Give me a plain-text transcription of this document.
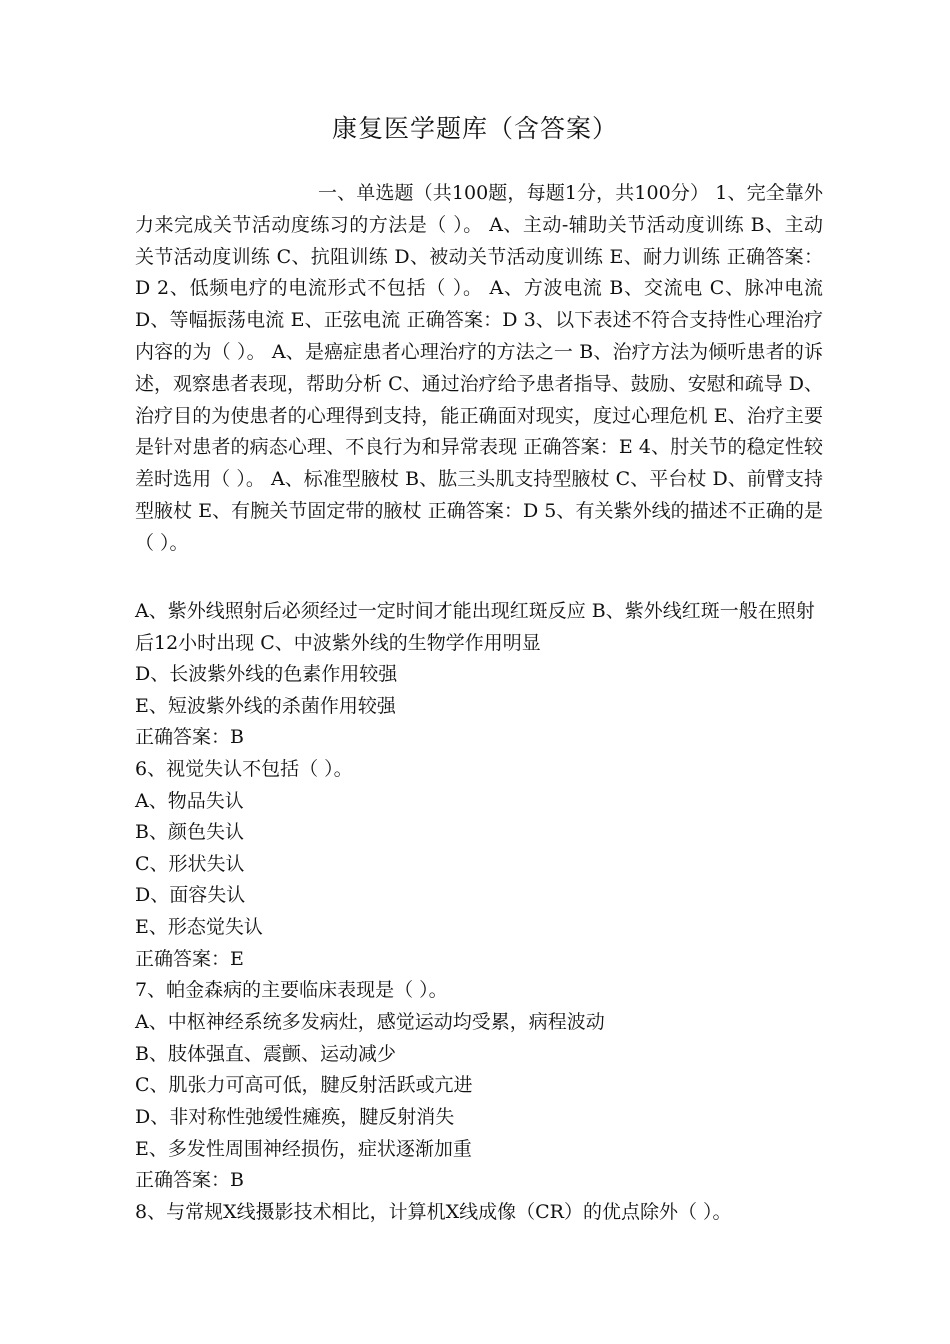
康复医学题库（含答案）
一、单选题（共100题，每题1分，共100分） 1、完全靠外力来完成关节活动度练习的方法是（ ）。 A、主动-辅助关节活动度训练 B、主动关节活动度训练 C、抗阻训练 D、被动关节活动度训练 E、耐力训练 正确答案：D 2、低频电疗的电流形式不包括（ ）。 A、方波电流 B、交流电 C、脉冲电流 D、等幅振荡电流 E、正弦电流 正确答案：D 3、以下表述不符合支持性心理治疗内容的为（ ）。 A、是癌症患者心理治疗的方法之一 B、治疗方法为倾听患者的诉述，观察患者表现，帮助分析 C、通过治疗给予患者指导、鼓励、安慰和疏导 D、治疗目的为使患者的心理得到支持，能正确面对现实，度过心理危机 E、治疗主要是针对患者的病态心理、不良行为和异常表现 正确答案：E 4、肘关节的稳定性较差时选用（ ）。 A、标准型腋杖 B、肱三头肌支持型腋杖 C、平台杖 D、前臂支持型腋杖 E、有腕关节固定带的腋杖 正确答案：D 5、有关紫外线的描述不正确的是（ ）。
A、紫外线照射后必须经过一定时间才能出现红斑反应 B、紫外线红斑一般在照射后12小时出现 C、中波紫外线的生物学作用明显
D、长波紫外线的色素作用较强
E、短波紫外线的杀菌作用较强
正确答案：B
6、视觉失认不包括（ ）。
A、物品失认
B、颜色失认
C、形状失认
D、面容失认
E、形态觉失认
正确答案：E
7、帕金森病的主要临床表现是（ ）。
A、中枢神经系统多发病灶，感觉运动均受累，病程波动
B、肢体强直、震颤、运动减少
C、肌张力可高可低，腱反射活跃或亢进
D、非对称性弛缓性瘫痪，腱反射消失
E、多发性周围神经损伤，症状逐渐加重
正确答案：B
8、与常规X线摄影技术相比，计算机X线成像（CR）的优点除外（ ）。
